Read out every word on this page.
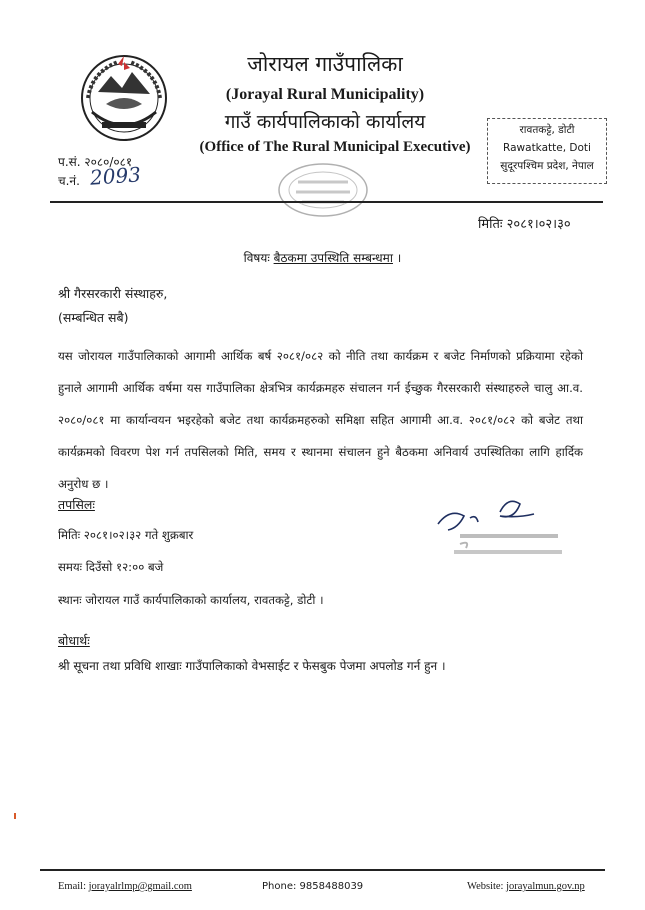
जोरायल गाउँपालिका
(Jorayal Rural Municipality)
गाउँ कार्यपालिकाको कार्यालय
(Office of The Rural Municipal Executive)
रावतकट्टे, डोटी
Rawatkatte, Doti
सुदूरपश्चिम प्रदेश, नेपाल
प.सं. २०८०/०८१
च.नं. 2093
मितिः २०८१।०२।३०
विषयः बैठकमा उपस्थिति सम्बन्धमा ।
श्री गैरसरकारी संस्थाहरु,
(सम्बन्धित सबै)
यस जोरायल गाउँपालिकाको आगामी आर्थिक बर्ष २०८१/०८२ को नीति तथा कार्यक्रम र बजेट निर्माणको प्रक्रियामा रहेको हुनाले आगामी आर्थिक वर्षमा यस गाउँपालिका क्षेत्रभित्र कार्यक्रमहरु संचालन गर्न ईच्छुक गैरसरकारी संस्थाहरुले चालु आ.व. २०८०/०८१ मा कार्यान्वयन भइरहेको बजेट तथा कार्यक्रमहरुको समिक्षा सहित आगामी आ.व. २०८१/०८२ को बजेट तथा कार्यक्रमको विवरण पेश गर्न तपसिलको मिति, समय र स्थानमा संचालन हुने बैठकमा अनिवार्य उपस्थितिका लागि हार्दिक अनुरोध छ ।
तपसिलः
मितिः २०८१।०२।३२ गते शुक्रबार
समयः दिउँसो १२:०० बजे
स्थानः जोरायल गाउँ कार्यपालिकाको कार्यालय, रावतकट्टे, डोटी ।
बोधार्थः
श्री सूचना तथा प्रविधि शाखाः गाउँपालिकाको वेभसाईट र फेसबुक पेजमा अपलोड गर्न हुन ।
Email: jorayalrlmp@gmail.com	Phone: 9858488039	Website: jorayalmun.gov.np
